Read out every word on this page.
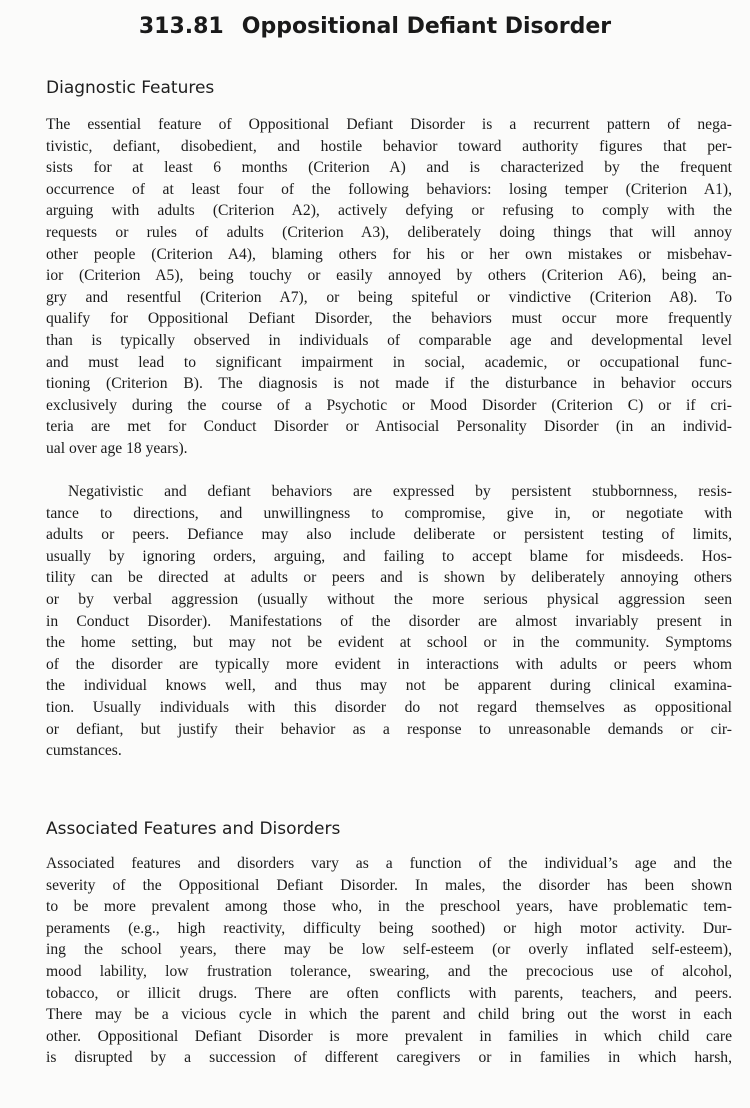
313.81 Oppositional Defiant Disorder
Diagnostic Features
The essential feature of Oppositional Defiant Disorder is a recurrent pattern of nega-
tivistic, defiant, disobedient, and hostile behavior toward authority figures that per-
sists for at least 6 months (Criterion A) and is characterized by the frequent
occurrence of at least four of the following behaviors: losing temper (Criterion A1),
arguing with adults (Criterion A2), actively defying or refusing to comply with the
requests or rules of adults (Criterion A3), deliberately doing things that will annoy
other people (Criterion A4), blaming others for his or her own mistakes or misbehav-
ior (Criterion A5), being touchy or easily annoyed by others (Criterion A6), being an-
gry and resentful (Criterion A7), or being spiteful or vindictive (Criterion A8). To
qualify for Oppositional Defiant Disorder, the behaviors must occur more frequently
than is typically observed in individuals of comparable age and developmental level
and must lead to significant impairment in social, academic, or occupational func-
tioning (Criterion B). The diagnosis is not made if the disturbance in behavior occurs
exclusively during the course of a Psychotic or Mood Disorder (Criterion C) or if cri-
teria are met for Conduct Disorder or Antisocial Personality Disorder (in an individ-
ual over age 18 years).
Negativistic and defiant behaviors are expressed by persistent stubbornness, resis-
tance to directions, and unwillingness to compromise, give in, or negotiate with
adults or peers. Defiance may also include deliberate or persistent testing of limits,
usually by ignoring orders, arguing, and failing to accept blame for misdeeds. Hos-
tility can be directed at adults or peers and is shown by deliberately annoying others
or by verbal aggression (usually without the more serious physical aggression seen
in Conduct Disorder). Manifestations of the disorder are almost invariably present in
the home setting, but may not be evident at school or in the community. Symptoms
of the disorder are typically more evident in interactions with adults or peers whom
the individual knows well, and thus may not be apparent during clinical examina-
tion. Usually individuals with this disorder do not regard themselves as oppositional
or defiant, but justify their behavior as a response to unreasonable demands or cir-
cumstances.
Associated Features and Disorders
Associated features and disorders vary as a function of the individual’s age and the
severity of the Oppositional Defiant Disorder. In males, the disorder has been shown
to be more prevalent among those who, in the preschool years, have problematic tem-
peraments (e.g., high reactivity, difficulty being soothed) or high motor activity. Dur-
ing the school years, there may be low self-esteem (or overly inflated self-esteem),
mood lability, low frustration tolerance, swearing, and the precocious use of alcohol,
tobacco, or illicit drugs. There are often conflicts with parents, teachers, and peers.
There may be a vicious cycle in which the parent and child bring out the worst in each
other. Oppositional Defiant Disorder is more prevalent in families in which child care
is disrupted by a succession of different caregivers or in families in which harsh,
